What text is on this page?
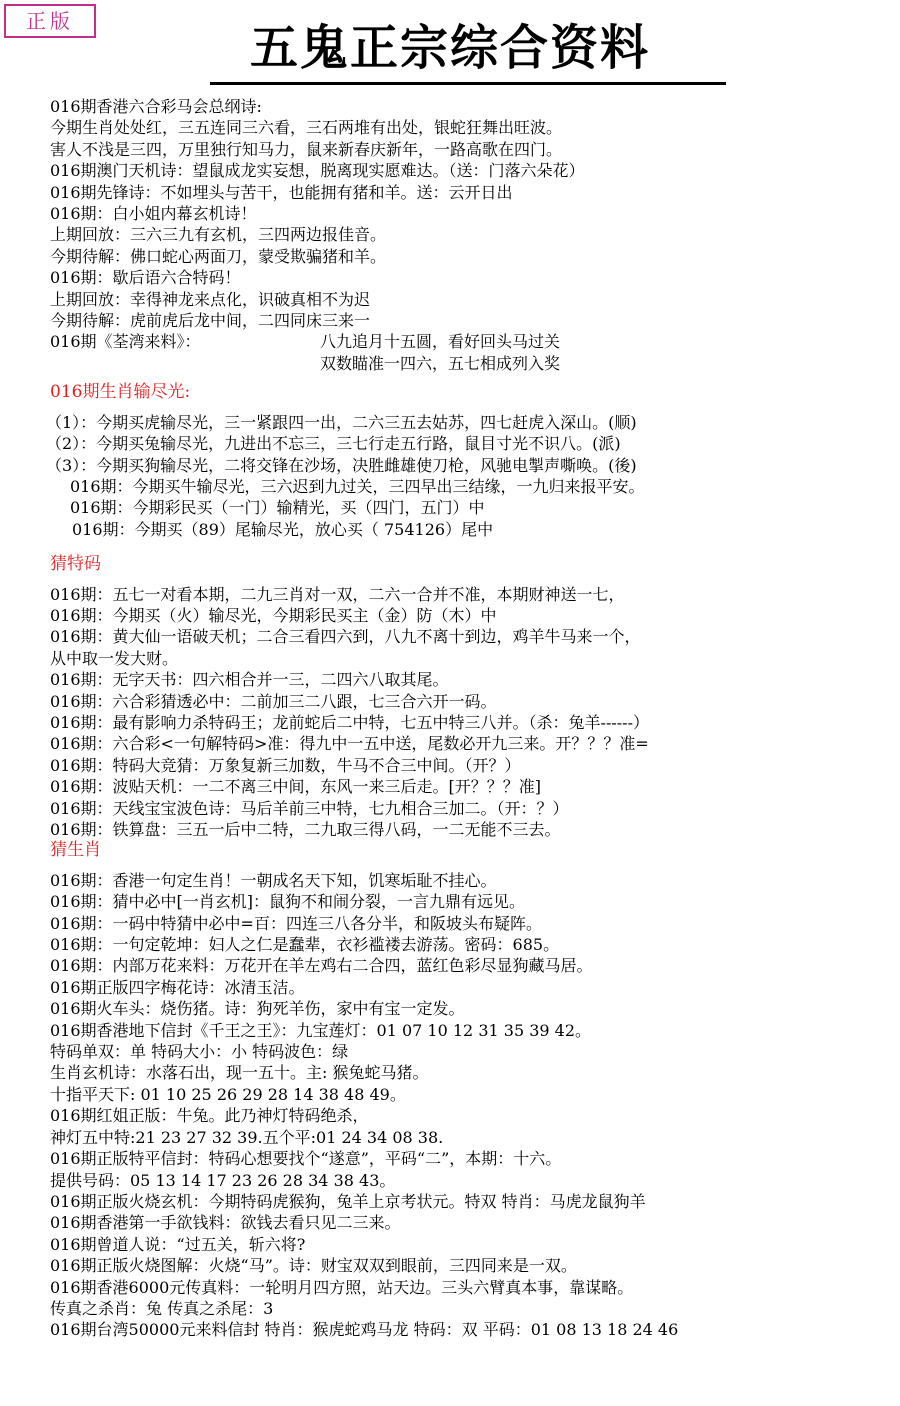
正版	五鬼正宗综合资料
016期香港六合彩马会总纲诗:
今期生肖处处红，三五连同三六看，三石两堆有出处，银蛇狂舞出旺波。
害人不浅是三四，万里独行知马力，鼠来新春庆新年，一路高歌在四门。
016期澳门天机诗：望鼠成龙实妄想，脱离现实愿难达。（送：门落六朵花）
016期先锋诗：不如埋头与苦干，也能拥有猪和羊。送：云开日出
016期：白小姐内幕玄机诗！
上期回放：三六三九有玄机，三四两边报佳音。
今期待解：佛口蛇心两面刀，蒙受欺骗猪和羊。
016期：歇后语六合特码！
上期回放：幸得神龙来点化，识破真相不为迟
今期待解：虎前虎后龙中间，二四同床三来一
016期《荃湾来料》：	八九追月十五圆，看好回头马过关
双数瞄准一四六，五七相成列入奖
016期生肖输尽光:
（1）：今期买虎输尽光，三一紧跟四一出，二六三五去姑苏，四七赶虎入深山。(顺)
（2）：今期买兔输尽光，九进出不忘三，三七行走五行路，鼠目寸光不识八。(派)
（3）：今期买狗输尽光，二将交锋在沙场，决胜雌雄使刀枪，风驰电掣声嘶唤。(後)
016期：今期买牛输尽光，三六迟到九过关，三四早出三结缘，一九归来报平安。
016期：今期彩民买（一门）输精光，买（四门，五门）中
016期：今期买（89）尾输尽光，放心买（ 754126）尾中
猜特码
016期：五七一对看本期，二九三肖对一双，二六一合并不准，本期财神送一七，
016期：今期买（火）输尽光，今期彩民买主（金）防（木）中
016期：黄大仙一语破天机；二合三看四六到，八九不离十到边，鸡羊牛马来一个，
从中取一发大财。
016期：无字天书：四六相合并一三，二四六八取其尾。
016期：六合彩猜透必中：二前加三二八跟，七三合六开一码。
016期：最有影响力杀特码王；龙前蛇后二中特，七五中特三八并。（杀：兔羊------）
016期：六合彩<一句解特码>准：得九中一五中送，尾数必开九三来。开？？？准=
016期：特码大竞猜：万象复新三加数，牛马不合三中间。（开？）
016期：波贴天机：一二不离三中间，东风一来三后走。[开？？？准]
016期：天线宝宝波色诗：马后羊前三中特，七九相合三加二。（开：？）
016期：铁算盘：三五一后中二特，二九取三得八码，一二无能不三去。
猜生肖
016期：香港一句定生肖！一朝成名天下知，饥寒垢耻不挂心。
016期：猜中必中[一肖玄机]：鼠狗不和闹分裂，一言九鼎有远见。
016期：一码中特猜中必中=百：四连三八各分半，和阪坡头布疑阵。
016期：一句定乾坤：妇人之仁是蠢辈，衣衫褴褛去游荡。密码：685。
016期：内部万花来料：万花开在羊左鸡右二合四，蓝红色彩尽显狗藏马居。
016期正版四字梅花诗：冰清玉洁。
016期火车头：烧伤猪。诗：狗死羊伤，家中有宝一定发。
016期香港地下信封《千王之王》：九宝莲灯：01 07 10 12 31 35 39 42。
特码单双：单 特码大小：小 特码波色：绿
生肖玄机诗：水落石出，现一五十。主: 猴兔蛇马猪。
十指平天下: 01 10 25 26 29 28 14 38 48 49。
016期红姐正版：牛兔。此乃神灯特码绝杀，
神灯五中特:21 23 27 32 39.五个平:01 24 34 08 38.
016期正版特平信封：特码心想要找个“遂意”，平码“二”，本期：十六。
提供号码：05 13 14 17 23 26 28 34 38 43。
016期正版火烧玄机：今期特码虎猴狗，兔羊上京考状元。特双 特肖：马虎龙鼠狗羊
016期香港第一手欲钱料：欲钱去看只见二三来。
016期曾道人说：“过五关，斩六将?
016期正版火烧图解：火烧“马”。诗：财宝双双到眼前，三四同来是一双。
016期香港6000元传真料：一轮明月四方照，站天边。三头六臂真本事，靠谋略。
传真之杀肖：兔 传真之杀尾：3
016期台湾50000元来料信封 特肖：猴虎蛇鸡马龙 特码：双 平码：01 08 13 18 24 46
